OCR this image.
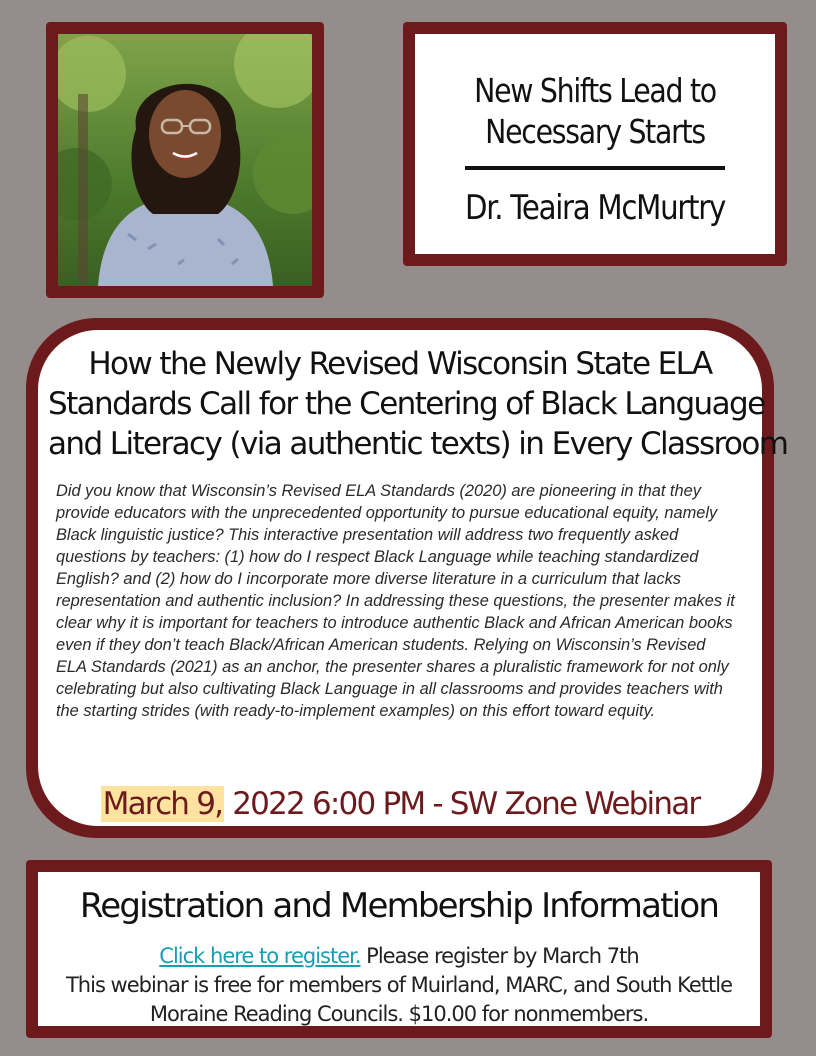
New Shifts Lead to Necessary Starts
Dr. Teaira McMurtry
How the Newly Revised Wisconsin State ELA
Standards Call for the Centering of Black Language
and Literacy (via authentic texts) in Every Classroom
Did you know that Wisconsin’s Revised ELA Standards (2020) are pioneering in that they provide educators with the unprecedented opportunity to pursue educational equity, namely Black linguistic justice? This interactive presentation will address two frequently asked questions by teachers: (1) how do I respect Black Language while teaching standardized English? and (2) how do I incorporate more diverse literature in a curriculum that lacks representation and authentic inclusion? In addressing these questions, the presenter makes it clear why it is important for teachers to introduce authentic Black and African American books even if they don’t teach Black/African American students. Relying on Wisconsin’s Revised ELA Standards (2021) as an anchor, the presenter shares a pluralistic framework for not only celebrating but also cultivating Black Language in all classrooms and provides teachers with the starting strides (with ready-to-implement examples) on this effort toward equity.
March 9, 2022 6:00 PM - SW Zone Webinar
Registration and Membership Information
Click here to register. Please register by March 7th
This webinar is free for members of Muirland, MARC, and South Kettle
Moraine Reading Councils. $10.00 for nonmembers.
